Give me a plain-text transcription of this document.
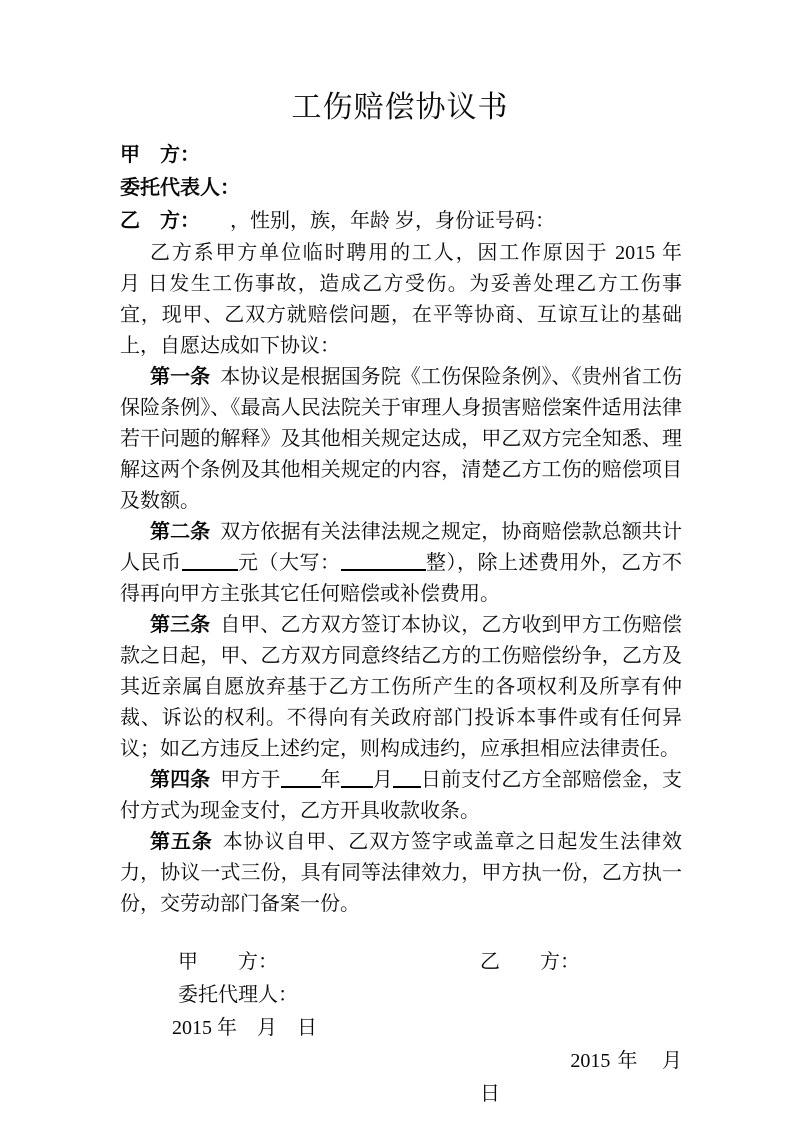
工伤赔偿协议书
甲　方：
委托代表人：
乙　方：　　，性别，族，年龄 岁，身份证号码：

乙方系甲方单位临时聘用的工人，因工作原因于 2015 年　 月 日发生工伤事故，造成乙方受伤。为妥善处理乙方工伤事宜，现甲、乙双方就赔偿问题，在平等协商、互谅互让的基础上，自愿达成如下协议：

第一条 本协议是根据国务院《工伤保险条例》、《贵州省工伤保险条例》、《最高人民法院关于审理人身损害赔偿案件适用法律若干问题的解释》及其他相关规定达成，甲乙双方完全知悉、理解这两个条例及其他相关规定的内容，清楚乙方工伤的赔偿项目及数额。

第二条 双方依据有关法律法规之规定，协商赔偿款总额共计人民币	元（大写：	整），除上述费用外，乙方不得再向甲方主张其它任何赔偿或补偿费用。

第三条 自甲、乙方双方签订本协议，乙方收到甲方工伤赔偿款之日起，甲、乙方双方同意终结乙方的工伤赔偿纷争，乙方及其近亲属自愿放弃基于乙方工伤所产生的各项权利及所享有仲裁、诉讼的权利。不得向有关政府部门投诉本事件或有任何异议；如乙方违反上述约定，则构成违约，应承担相应法律责任。

第四条 甲方于 年 月 日前支付乙方全部赔偿金，支付方式为现金支付，乙方开具收款收条。

第五条 本协议自甲、乙双方签字或盖章之日起发生法律效力，协议一式三份，具有同等法律效力，甲方执一份，乙方执一份，交劳动部门备案一份。

甲　　方：	乙　　方：
委托代理人：
2015 年　月　日

2015 年　月　日
